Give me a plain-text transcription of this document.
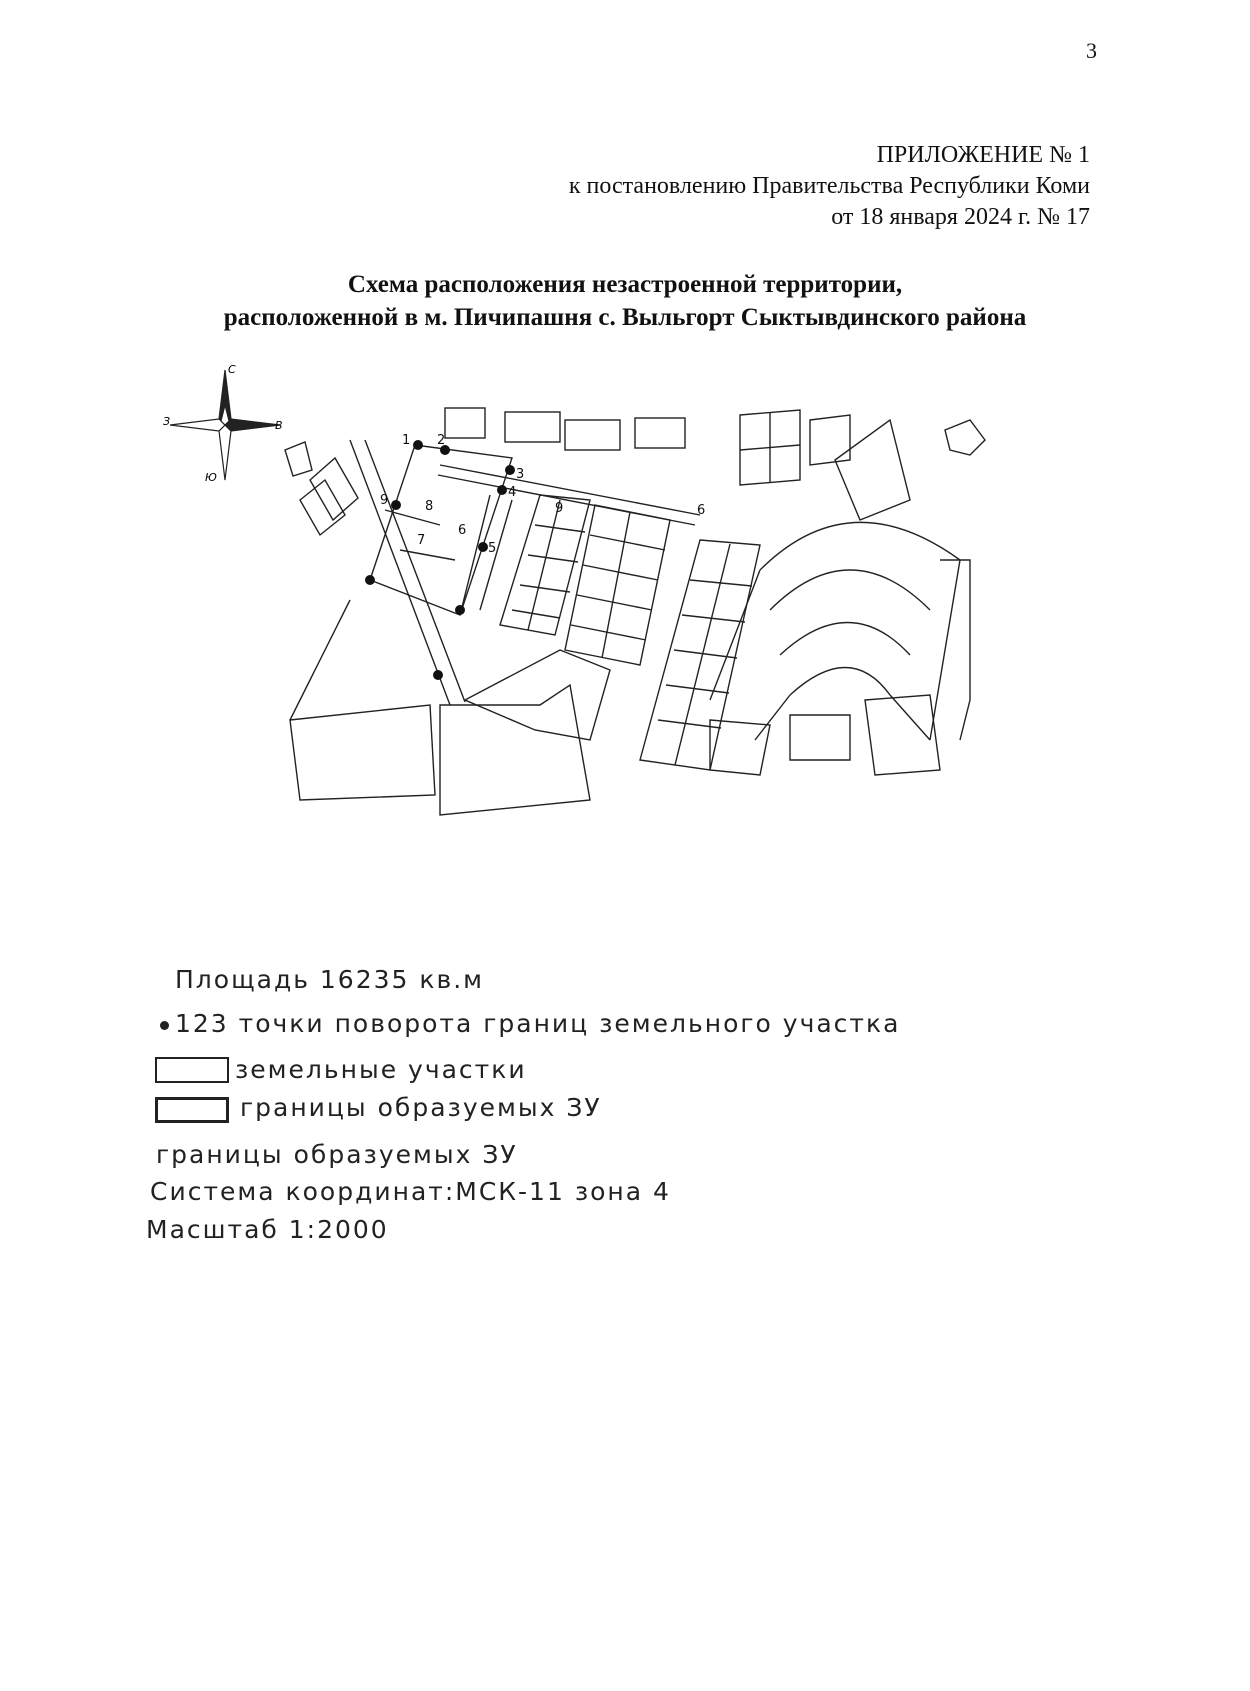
3
ПРИЛОЖЕНИЕ № 1
к постановлению Правительства Республики Коми
от 18 января 2024 г. № 17
Схема расположения незастроенной территории,
расположенной в м. Пичипашня с. Выльгорт Сыктывдинского района
С
Ю
З	В
1 2
3
4
5
9
6
7
8	9	6
Площадь 16235 кв.м
123 точки поворота границ земельного участка
земельные участки
границы образуемых ЗУ
границы образуемых ЗУ
Система координат:МСК-11 зона 4
Масштаб 1:2000
